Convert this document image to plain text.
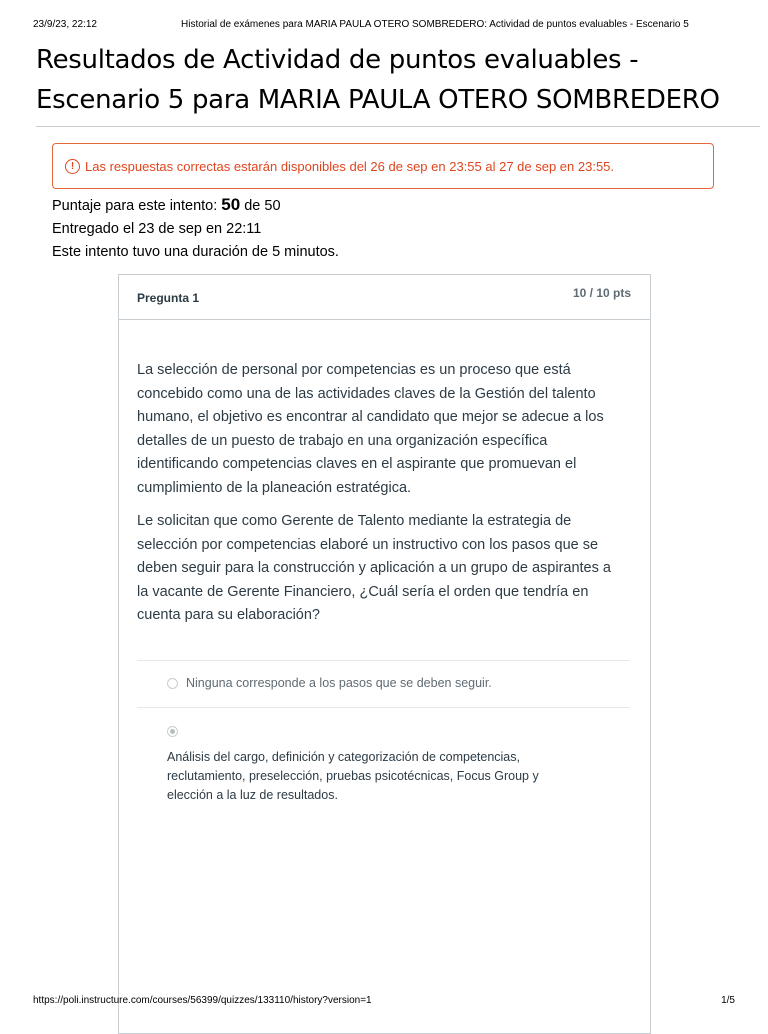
23/9/23, 22:12	Historial de exámenes para MARIA PAULA OTERO SOMBREDERO: Actividad de puntos evaluables - Escenario 5
Resultados de Actividad de puntos evaluables -
Escenario 5 para MARIA PAULA OTERO SOMBREDERO
! Las respuestas correctas estarán disponibles del 26 de sep en 23:55 al 27 de sep en 23:55.
Puntaje para este intento: 50 de 50
Entregado el 23 de sep en 22:11
Este intento tuvo una duración de 5 minutos.
Pregunta 1	10 / 10 pts

La selección de personal por competencias es un proceso que está concebido como una de las actividades claves de la Gestión del talento humano, el objetivo es encontrar al candidato que mejor se adecue a los detalles de un puesto de trabajo en una organización específica identificando competencias claves en el aspirante que promuevan el cumplimiento de la planeación estratégica.

Le solicitan que como Gerente de Talento mediante la estrategia de selección por competencias elaboré un instructivo con los pasos que se deben seguir para la construcción y aplicación a un grupo de aspirantes a la vacante de Gerente Financiero, ¿Cuál sería el orden que tendría en cuenta para su elaboración?

Ninguna corresponde a los pasos que se deben seguir.
Análisis del cargo, definición y categorización de competencias, reclutamiento, preselección, pruebas psicotécnicas, Focus Group y elección a la luz de resultados.
https://poli.instructure.com/courses/56399/quizzes/133110/history?version=1	1/5
